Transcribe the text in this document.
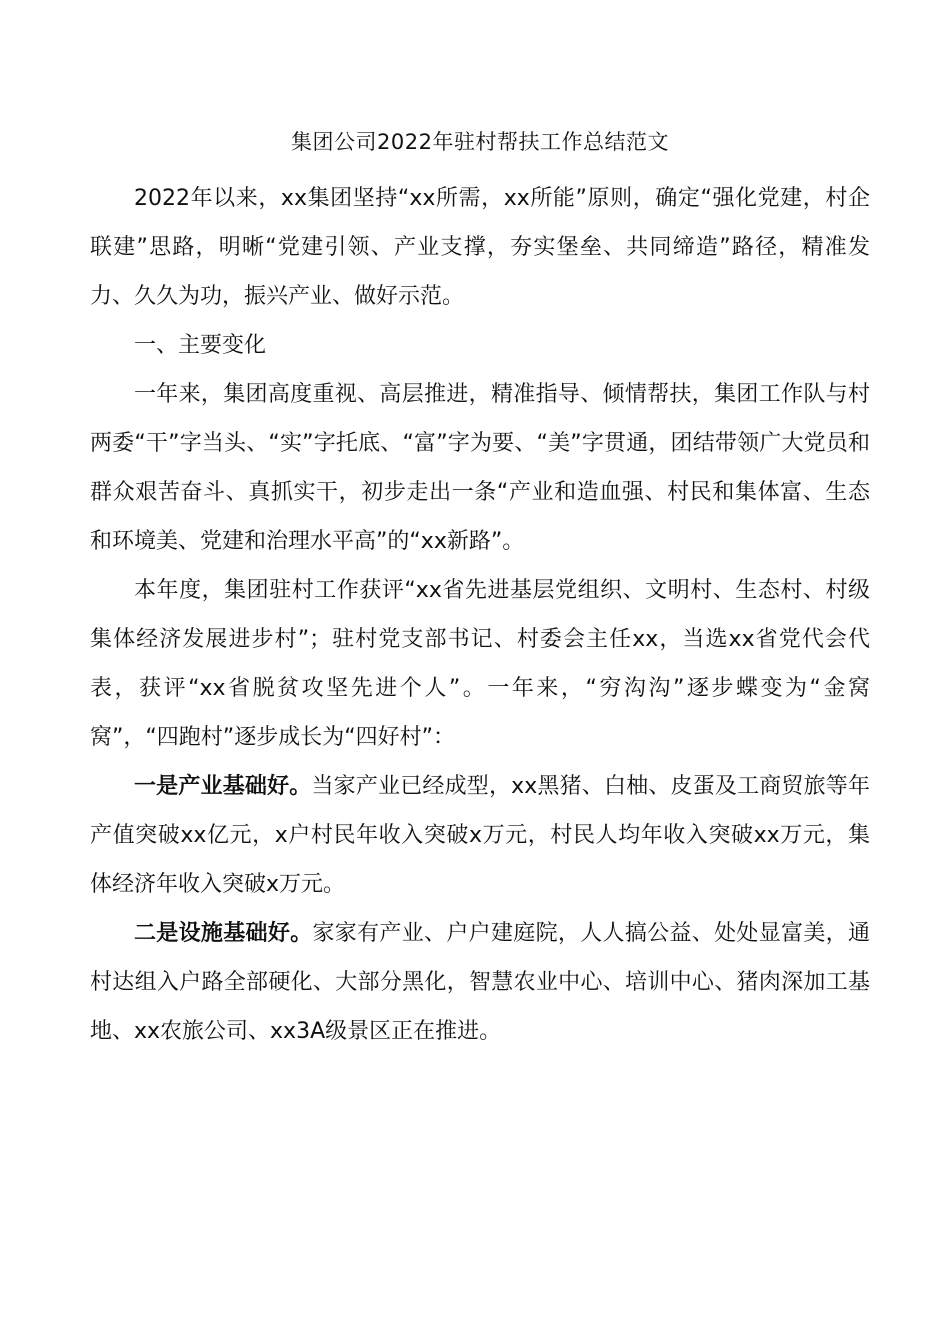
集团公司2022年驻村帮扶工作总结范文

2022年以来，xx集团坚持“xx所需，xx所能”原则，确定“强化党建，村企联建”思路，明晰“党建引领、产业支撑，夯实堡垒、共同缔造”路径，精准发力、久久为功，振兴产业、做好示范。

一、主要变化

一年来，集团高度重视、高层推进，精准指导、倾情帮扶，集团工作队与村两委“干”字当头、“实”字托底、“富”字为要、“美”字贯通，团结带领广大党员和群众艰苦奋斗、真抓实干，初步走出一条“产业和造血强、村民和集体富、生态和环境美、党建和治理水平高”的“xx新路”。

本年度，集团驻村工作获评“xx省先进基层党组织、文明村、生态村、村级集体经济发展进步村”；驻村党支部书记、村委会主任xx，当选xx省党代会代表，获评“xx省脱贫攻坚先进个人”。一年来，“穷沟沟”逐步蝶变为“金窝窝”，“四跑村”逐步成长为“四好村”：

一是产业基础好。当家产业已经成型，xx黑猪、白柚、皮蛋及工商贸旅等年产值突破xx亿元，x户村民年收入突破x万元，村民人均年收入突破xx万元，集体经济年收入突破x万元。

二是设施基础好。家家有产业、户户建庭院，人人搞公益、处处显富美，通村达组入户路全部硬化、大部分黑化，智慧农业中心、培训中心、猪肉深加工基地、xx农旅公司、xx3A级景区正在推进。
